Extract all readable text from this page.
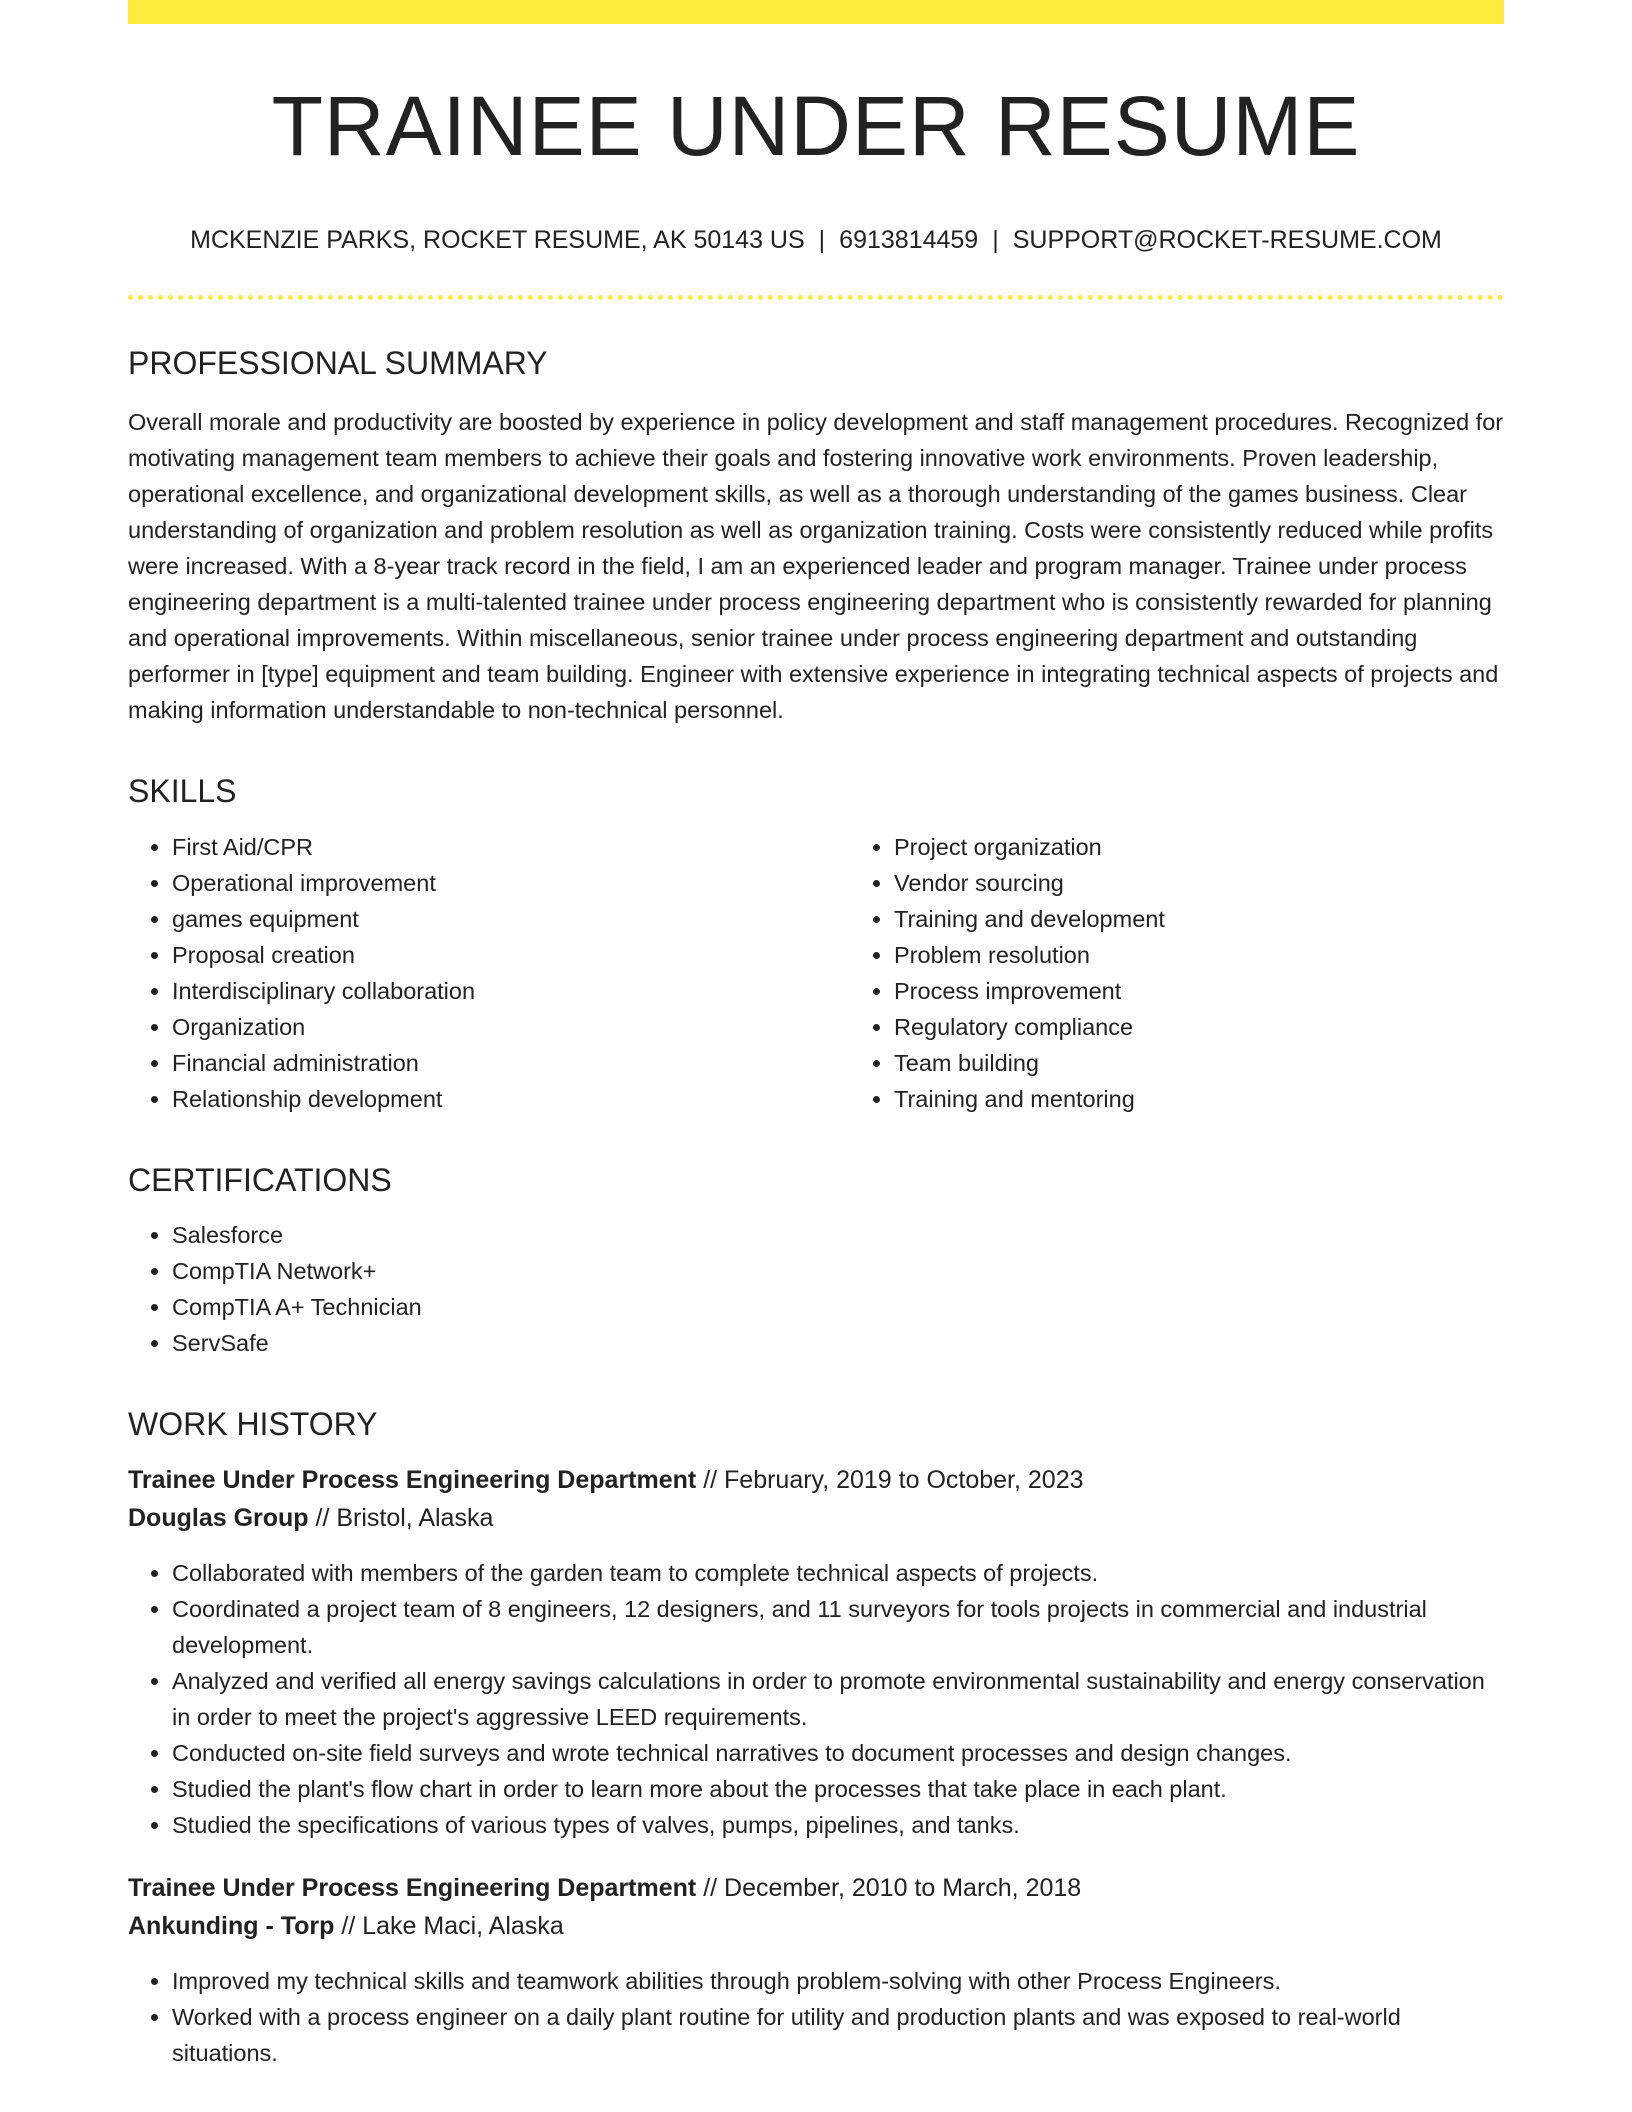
TRAINEE UNDER RESUME
MCKENZIE PARKS, ROCKET RESUME, AK 50143 US | 6913814459 | SUPPORT@ROCKET-RESUME.COM
PROFESSIONAL SUMMARY

Overall morale and productivity are boosted by experience in policy development and staff management procedures. Recognized for motivating management team members to achieve their goals and fostering innovative work environments. Proven leadership, operational excellence, and organizational development skills, as well as a thorough understanding of the games business. Clear understanding of organization and problem resolution as well as organization training. Costs were consistently reduced while profits were increased. With a 8-year track record in the field, I am an experienced leader and program manager. Trainee under process engineering department is a multi-talented trainee under process engineering department who is consistently rewarded for planning and operational improvements. Within miscellaneous, senior trainee under process engineering department and outstanding performer in [type] equipment and team building. Engineer with extensive experience in integrating technical aspects of projects and making information understandable to non-technical personnel.

SKILLS
• First Aid/CPR
• Operational improvement
• games equipment
• Proposal creation
• Interdisciplinary collaboration
• Organization
• Financial administration
• Relationship development
• Project organization
• Vendor sourcing
• Training and development
• Problem resolution
• Process improvement
• Regulatory compliance
• Team building
• Training and mentoring
CERTIFICATIONS
• Salesforce
• CompTIA Network+
• CompTIA A+ Technician
• ServSafe
WORK HISTORY
Trainee Under Process Engineering Department // February, 2019 to October, 2023
Douglas Group // Bristol, Alaska
• Collaborated with members of the garden team to complete technical aspects of projects.
• Coordinated a project team of 8 engineers, 12 designers, and 11 surveyors for tools projects in commercial and industrial development.
• Analyzed and verified all energy savings calculations in order to promote environmental sustainability and energy conservation in order to meet the project's aggressive LEED requirements.
• Conducted on-site field surveys and wrote technical narratives to document processes and design changes.
• Studied the plant's flow chart in order to learn more about the processes that take place in each plant.
• Studied the specifications of various types of valves, pumps, pipelines, and tanks.
Trainee Under Process Engineering Department // December, 2010 to March, 2018
Ankunding - Torp // Lake Maci, Alaska
• Improved my technical skills and teamwork abilities through problem-solving with other Process Engineers.
• Worked with a process engineer on a daily plant routine for utility and production plants and was exposed to real-world situations.
